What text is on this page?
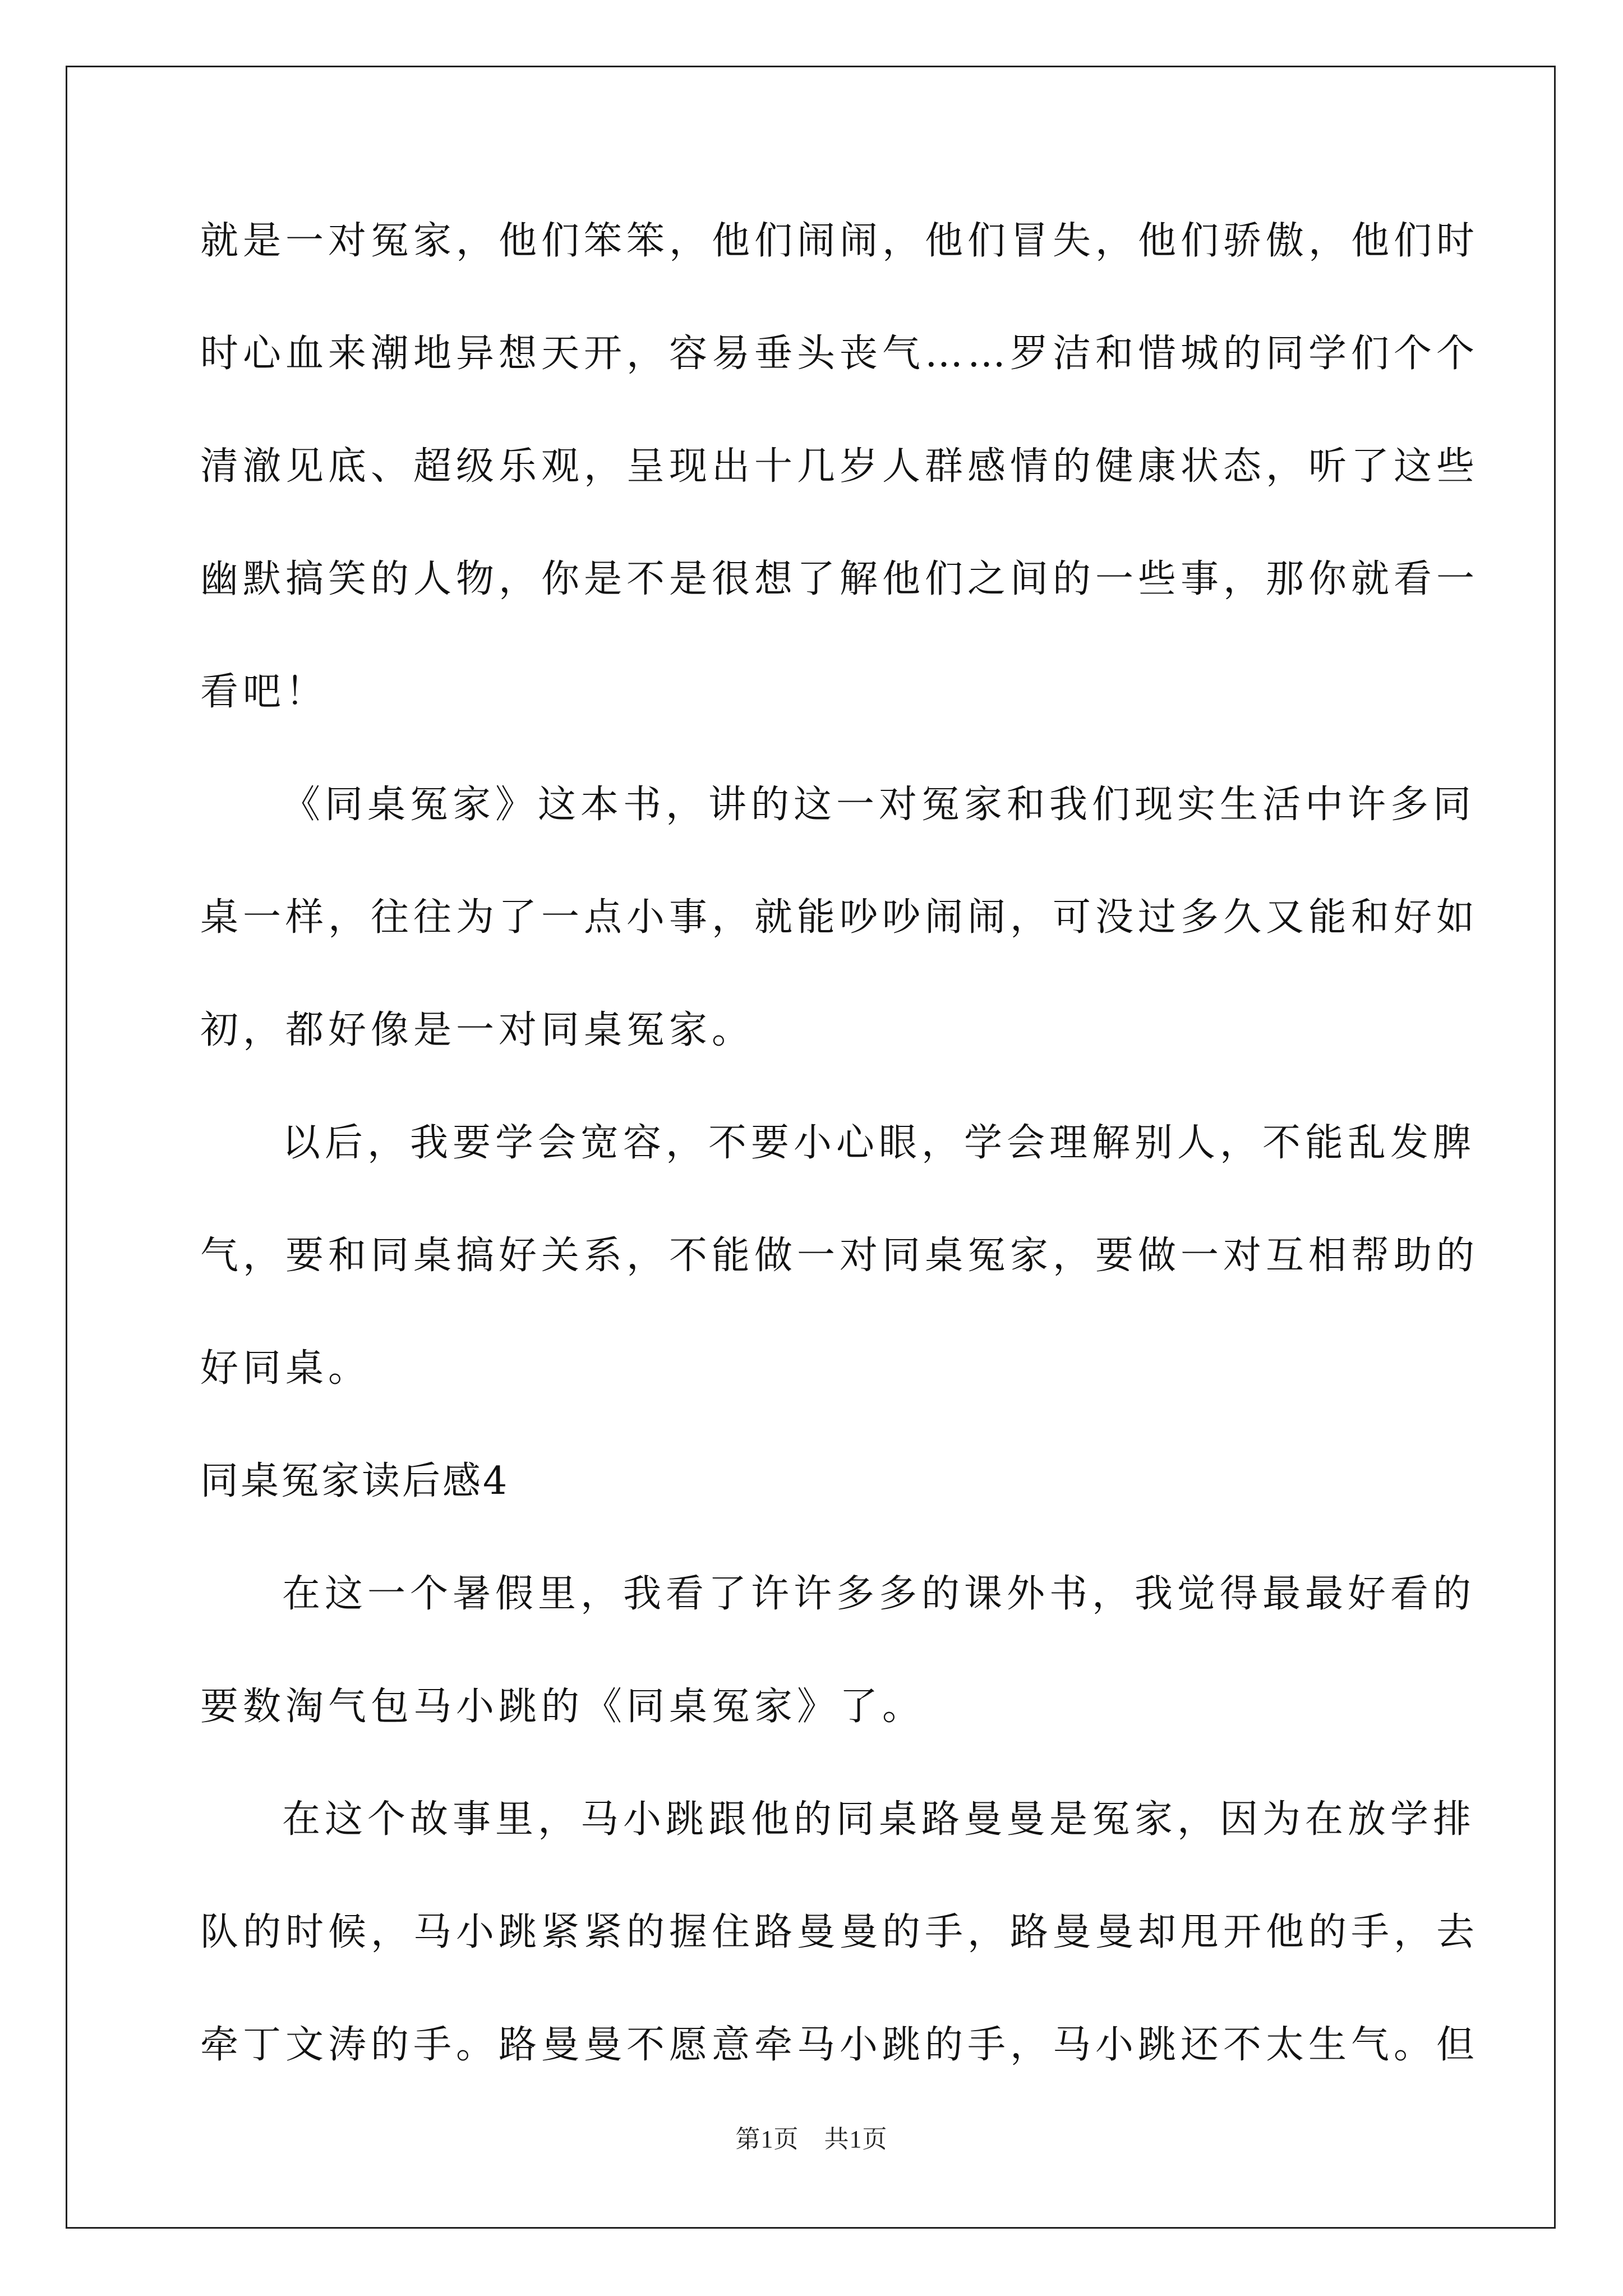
就是一对冤家，他们笨笨，他们闹闹，他们冒失，他们骄傲，他们时
时心血来潮地异想天开，容易垂头丧气……罗洁和惜城的同学们个个
清澈见底、超级乐观，呈现出十几岁人群感情的健康状态，听了这些
幽默搞笑的人物，你是不是很想了解他们之间的一些事，那你就看一
看吧！
《同桌冤家》这本书，讲的这一对冤家和我们现实生活中许多同
桌一样，往往为了一点小事，就能吵吵闹闹，可没过多久又能和好如
初，都好像是一对同桌冤家。
以后，我要学会宽容，不要小心眼，学会理解别人，不能乱发脾
气，要和同桌搞好关系，不能做一对同桌冤家，要做一对互相帮助的
好同桌。
同桌冤家读后感4
在这一个暑假里，我看了许许多多的课外书，我觉得最最好看的
要数淘气包马小跳的《同桌冤家》了。
在这个故事里，马小跳跟他的同桌路曼曼是冤家，因为在放学排
队的时候，马小跳紧紧的握住路曼曼的手，路曼曼却甩开他的手，去
牵丁文涛的手。路曼曼不愿意牵马小跳的手，马小跳还不太生气。但
第1页　共1页
